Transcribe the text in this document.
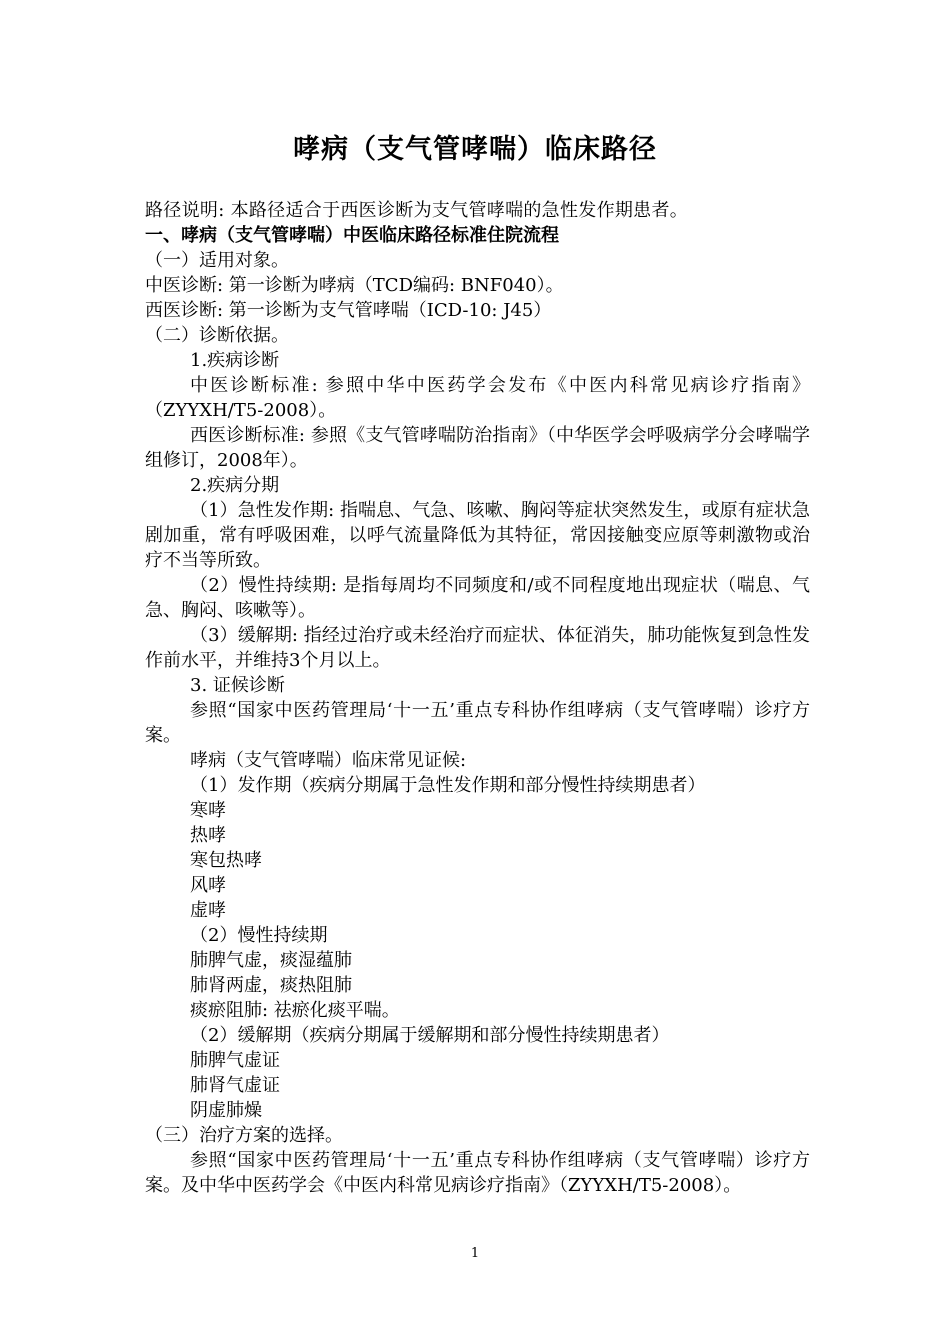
哮病（支气管哮喘）临床路径

路径说明: 本路径适合于西医诊断为支气管哮喘的急性发作期患者。

一、哮病（支气管哮喘）中医临床路径标准住院流程

（一）适用对象。

中医诊断: 第一诊断为哮病（TCD编码: BNF040）。

西医诊断: 第一诊断为支气管哮喘（ICD-10: J45）

（二）诊断依据。

1.疾病诊断

中医诊断标准: 参照中华中医药学会发布《中医内科常见病诊疗指南》（ZYYXH/T5-2008）。

西医诊断标准: 参照《支气管哮喘防治指南》（中华医学会呼吸病学分会哮喘学组修订，2008年）。

2.疾病分期

（1）急性发作期: 指喘息、气急、咳嗽、胸闷等症状突然发生，或原有症状急剧加重，常有呼吸困难，以呼气流量降低为其特征，常因接触变应原等刺激物或治疗不当等所致。

（2）慢性持续期: 是指每周均不同频度和/或不同程度地出现症状（喘息、气急、胸闷、咳嗽等）。

（3）缓解期: 指经过治疗或未经治疗而症状、体征消失，肺功能恢复到急性发作前水平，并维持3个月以上。

3. 证候诊断

参照“国家中医药管理局‘十一五’重点专科协作组哮病（支气管哮喘）诊疗方案。

哮病（支气管哮喘）临床常见证候:

（1）发作期（疾病分期属于急性发作期和部分慢性持续期患者）

寒哮

热哮

寒包热哮

风哮

虚哮

（2）慢性持续期

肺脾气虚，痰湿蕴肺

肺肾两虚，痰热阻肺

痰瘀阻肺: 祛瘀化痰平喘。

（2）缓解期（疾病分期属于缓解期和部分慢性持续期患者）

肺脾气虚证

肺肾气虚证

阴虚肺燥

（三）治疗方案的选择。

参照“国家中医药管理局‘十一五’重点专科协作组哮病（支气管哮喘）诊疗方案。及中华中医药学会《中医内科常见病诊疗指南》（ZYYXH/T5-2008）。

1
